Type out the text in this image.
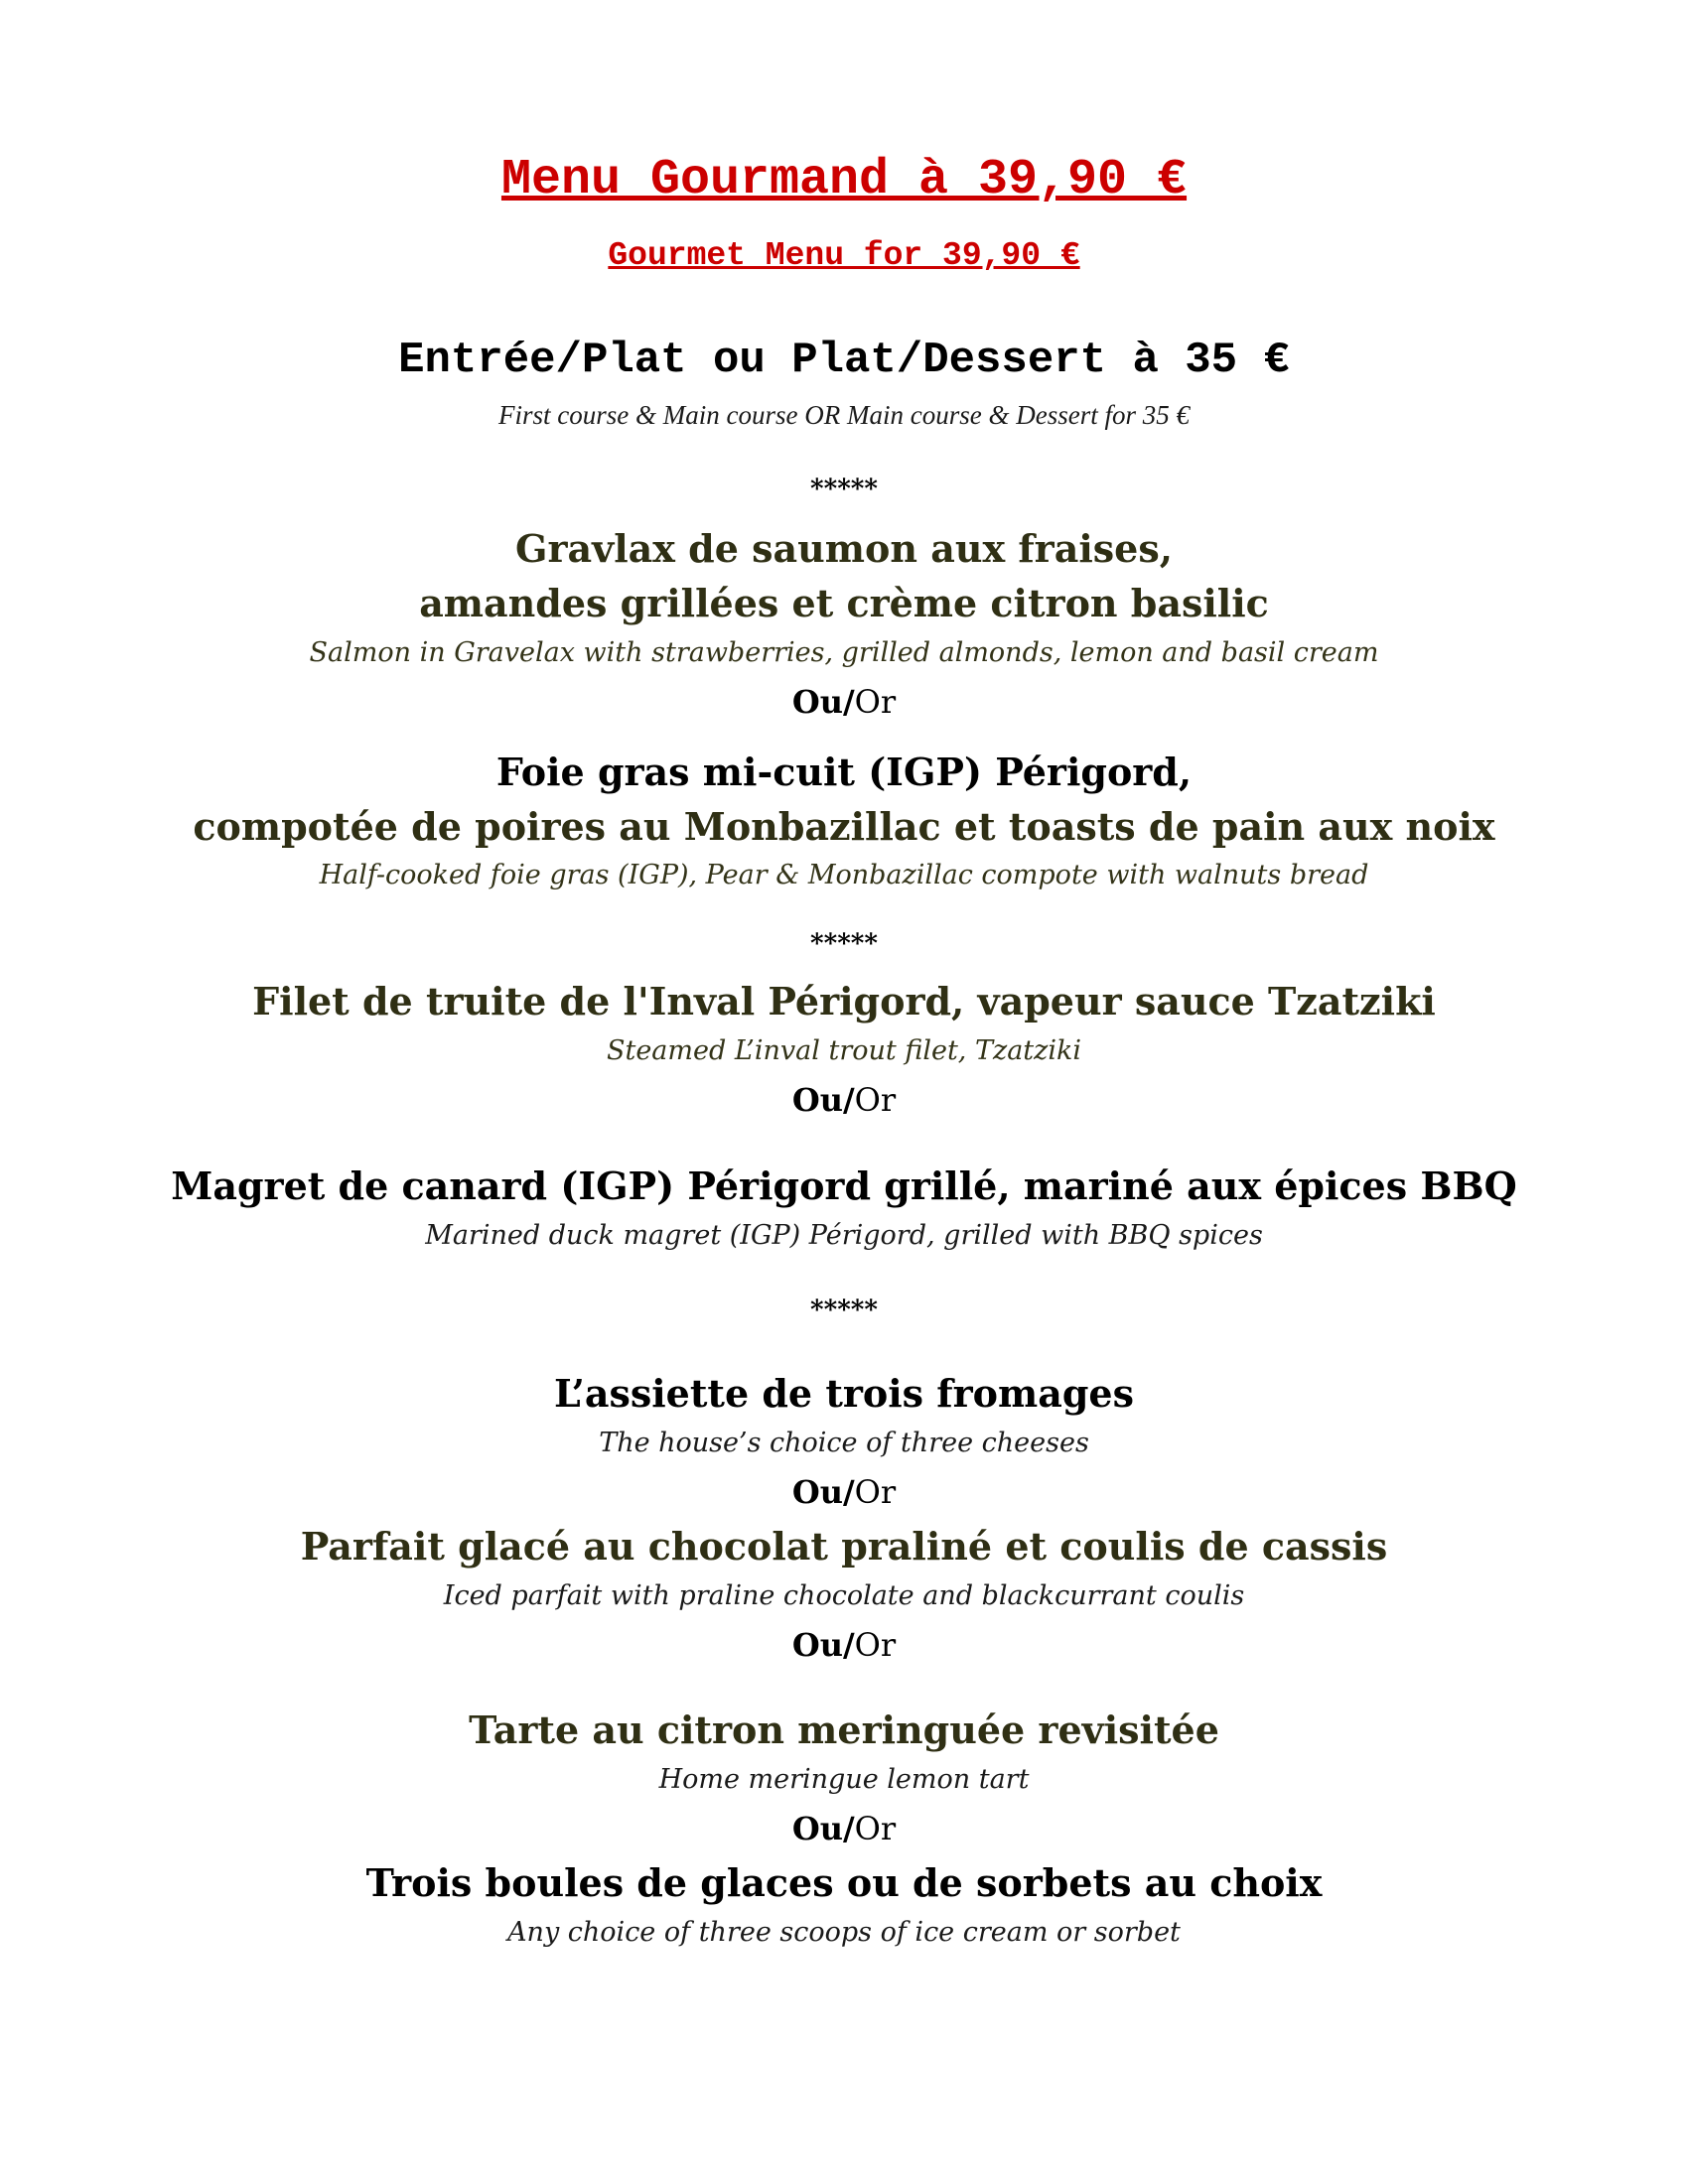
Menu Gourmand à 39,90 €
Gourmet Menu for 39,90 €
Entrée/Plat ou Plat/Dessert à 35 €
First course & Main course OR Main course & Dessert for 35 €
*****
Gravlax de saumon aux fraises,
amandes grillées et crème citron basilic
Salmon in Gravelax with strawberries, grilled almonds, lemon and basil cream
Ou/Or
Foie gras mi-cuit (IGP) Périgord,
compotée de poires au Monbazillac et toasts de pain aux noix
Half-cooked foie gras (IGP), Pear & Monbazillac compote with walnuts bread
*****
Filet de truite de l'Inval Périgord, vapeur sauce Tzatziki
Steamed L’inval trout filet, Tzatziki
Ou/Or
Magret de canard (IGP) Périgord grillé, mariné aux épices BBQ
Marined duck magret (IGP) Périgord, grilled with BBQ spices
*****
L’assiette de trois fromages
The house’s choice of three cheeses
Ou/Or
Parfait glacé au chocolat praliné et coulis de cassis
Iced parfait with praline chocolate and blackcurrant coulis
Ou/Or
Tarte au citron meringuée revisitée
Home meringue lemon tart
Ou/Or
Trois boules de glaces ou de sorbets au choix
Any choice of three scoops of ice cream or sorbet
